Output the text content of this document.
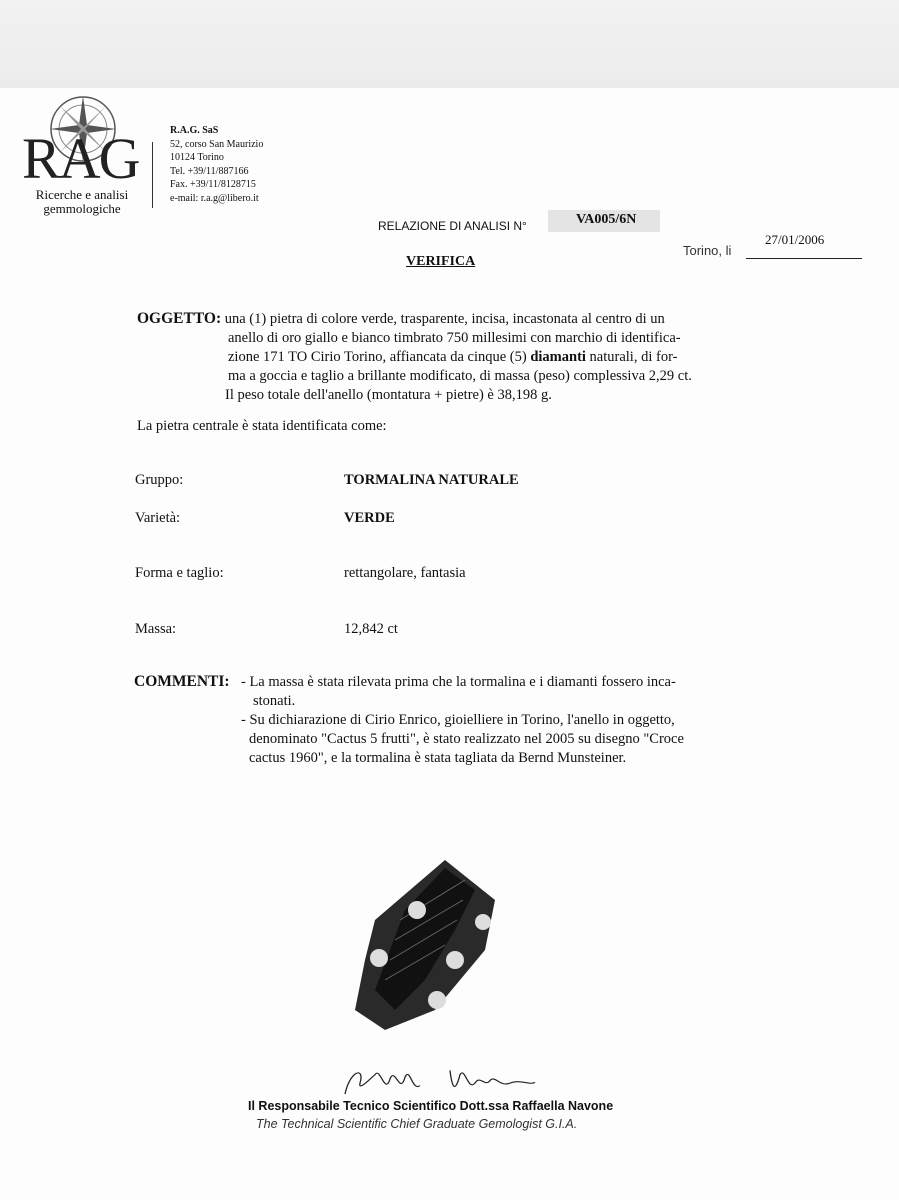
RAG
Ricerche e analisi
gemmologiche
R.A.G. SaS
52, corso San Maurizio
10124 Torino
Tel. +39/11/887166
Fax. +39/11/8128715
e-mail: r.a.g@libero.it
RELAZIONE DI ANALISI N°	VA005/6N
Torino, li
27/01/2006
VERIFICA
OGGETTO: una (1) pietra di colore verde, trasparente, incisa, incastonata al centro di un
anello di oro giallo e bianco timbrato 750 millesimi con marchio di identifica-
zione 171 TO Cirio Torino, affiancata da cinque (5) diamanti naturali, di for-
ma a goccia e taglio a brillante modificato, di massa (peso) complessiva 2,29 ct.
Il peso totale dell'anello (montatura + pietre) è 38,198 g.
La pietra centrale è stata identificata come:
Gruppo:	TORMALINA NATURALE
Varietà:	VERDE
Forma e taglio:	rettangolare, fantasia
Massa:	12,842 ct
COMMENTI: - La massa è stata rilevata prima che la tormalina e i diamanti fossero inca-
stonati.
- Su dichiarazione di Cirio Enrico, gioielliere in Torino, l'anello in oggetto,
denominato "Cactus 5 frutti", è stato realizzato nel 2005 su disegno "Croce
cactus 1960", e la tormalina è stata tagliata da Bernd Munsteiner.
Il Responsabile Tecnico Scientifico Dott.ssa Raffaella Navone
The Technical Scientific Chief Graduate Gemologist G.I.A.
